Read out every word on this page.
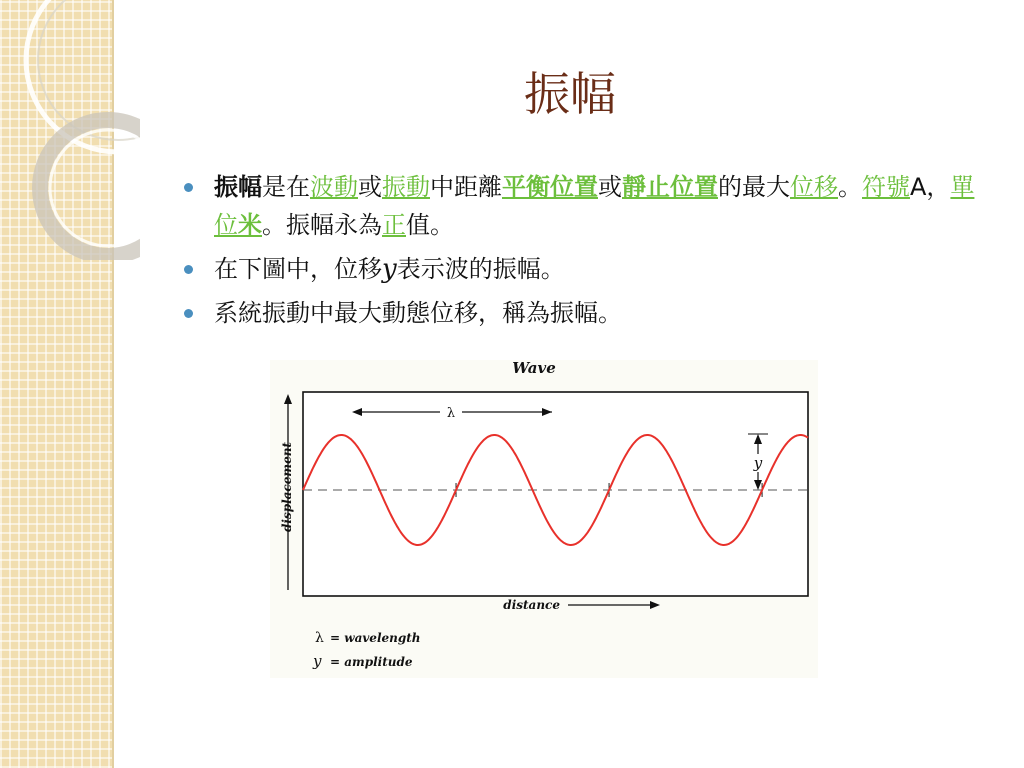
振幅
振幅是在波動或振動中距離平衡位置或靜止位置的最大位移。符號A，單位米。振幅永為正值。
在下圖中，位移y表示波的振幅。
系統振動中最大動態位移，稱為振幅。
Wave
displacement
λ
y
distance
λ = wavelength
y = amplitude
